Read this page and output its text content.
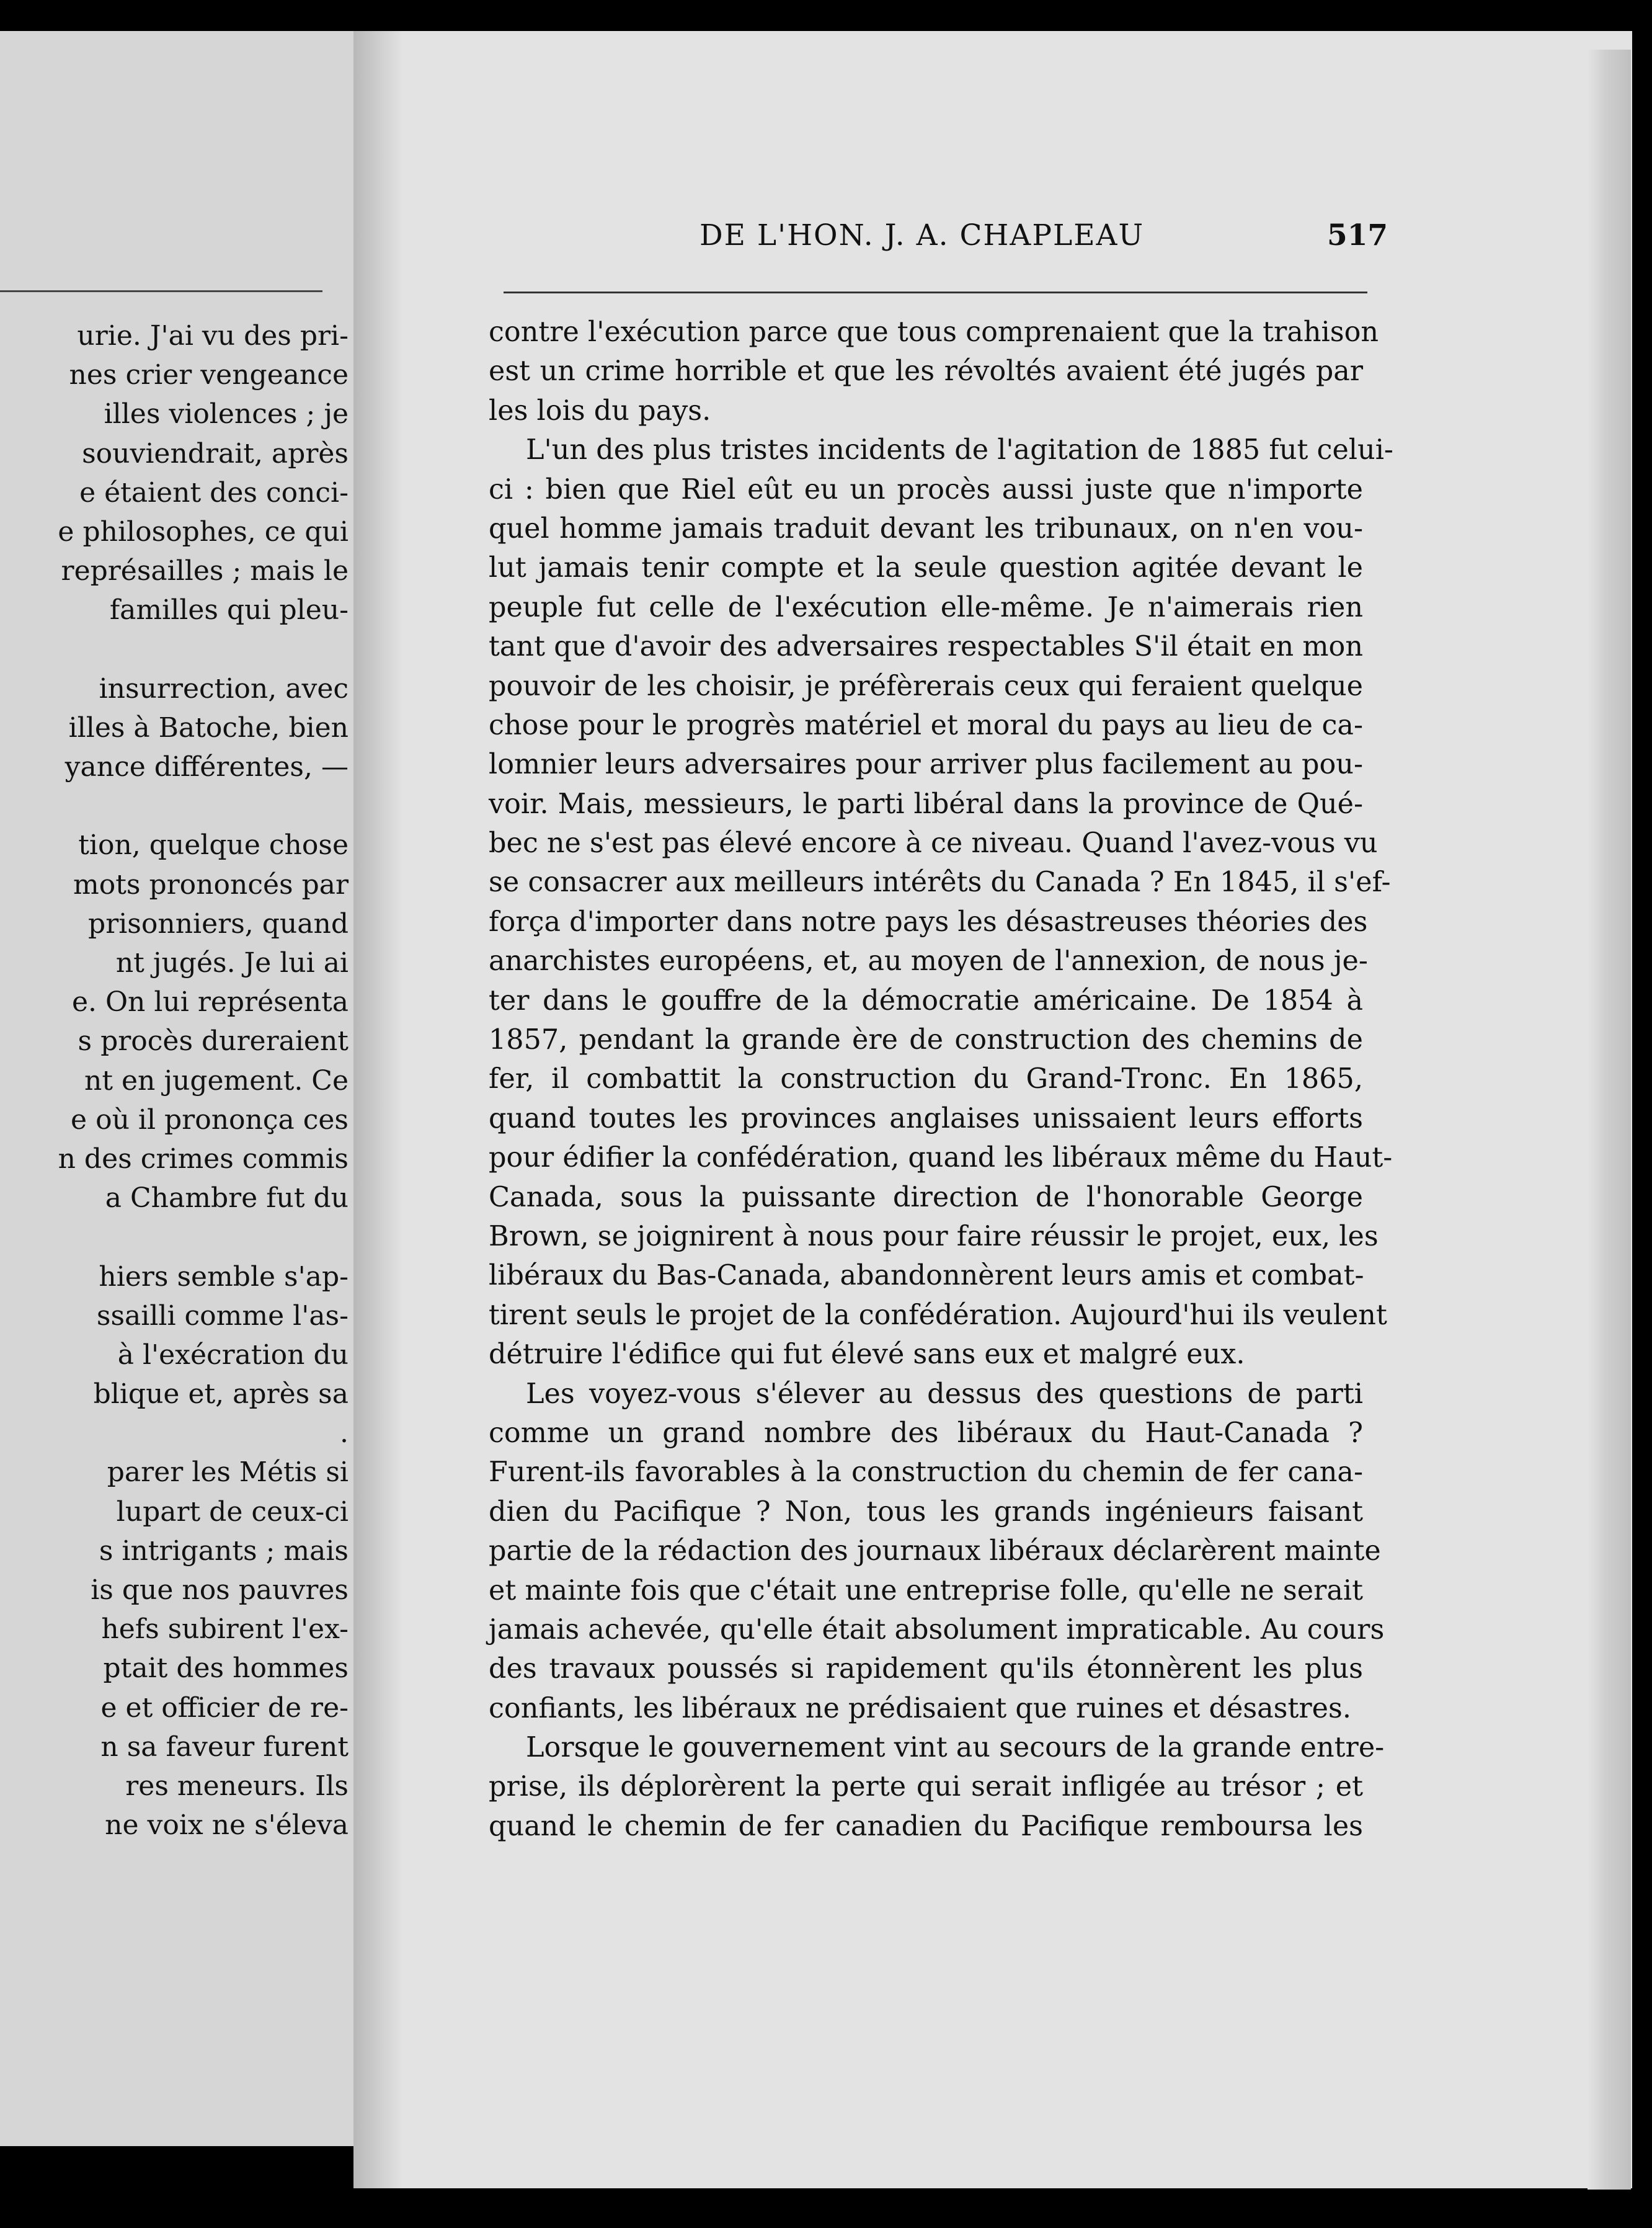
urie. J'ai vu des pri-
nes crier vengeance
illes violences ; je
souviendrait, après
e étaient des conci-
e philosophes, ce qui
représailles ; mais le
familles qui pleu-
insurrection, avec
illes à Batoche, bien
yance différentes, —
tion, quelque chose
mots prononcés par
prisonniers, quand
nt jugés. Je lui ai
e. On lui représenta
s procès dureraient
nt en jugement. Ce
e où il prononça ces
n des crimes commis
a Chambre fut du
hiers semble s'ap-
ssailli comme l'as-
à l'exécration du
blique et, après sa
.
parer les Métis si
lupart de ceux-ci
s intrigants ; mais
is que nos pauvres
hefs subirent l'ex-
ptait des hommes
e et officier de re-
n sa faveur furent
res meneurs. Ils
ne voix ne s'éleva
DE L'HON. J. A. CHAPLEAU	517
contre l'exécution parce que tous comprenaient que la trahison
est un crime horrible et que les révoltés avaient été jugés par
les lois du pays.
L'un des plus tristes incidents de l'agitation de 1885 fut celui-
ci : bien que Riel eût eu un procès aussi juste que n'importe
quel homme jamais traduit devant les tribunaux, on n'en vou-
lut jamais tenir compte et la seule question agitée devant le
peuple fut celle de l'exécution elle-même. Je n'aimerais rien
tant que d'avoir des adversaires respectables S'il était en mon
pouvoir de les choisir, je préfèrerais ceux qui feraient quelque
chose pour le progrès matériel et moral du pays au lieu de ca-
lomnier leurs adversaires pour arriver plus facilement au pou-
voir. Mais, messieurs, le parti libéral dans la province de Qué-
bec ne s'est pas élevé encore à ce niveau. Quand l'avez-vous vu
se consacrer aux meilleurs intérêts du Canada ? En 1845, il s'ef-
força d'importer dans notre pays les désastreuses théories des
anarchistes européens, et, au moyen de l'annexion, de nous je-
ter dans le gouffre de la démocratie américaine. De 1854 à
1857, pendant la grande ère de construction des chemins de
fer, il combattit la construction du Grand-Tronc. En 1865,
quand toutes les provinces anglaises unissaient leurs efforts
pour édifier la confédération, quand les libéraux même du Haut-
Canada, sous la puissante direction de l'honorable George
Brown, se joignirent à nous pour faire réussir le projet, eux, les
libéraux du Bas-Canada, abandonnèrent leurs amis et combat-
tirent seuls le projet de la confédération. Aujourd'hui ils veulent
détruire l'édifice qui fut élevé sans eux et malgré eux.
Les voyez-vous s'élever au dessus des questions de parti
comme un grand nombre des libéraux du Haut-Canada ?
Furent-ils favorables à la construction du chemin de fer cana-
dien du Pacifique ? Non, tous les grands ingénieurs faisant
partie de la rédaction des journaux libéraux déclarèrent mainte
et mainte fois que c'était une entreprise folle, qu'elle ne serait
jamais achevée, qu'elle était absolument impraticable. Au cours
des travaux poussés si rapidement qu'ils étonnèrent les plus
confiants, les libéraux ne prédisaient que ruines et désastres.
Lorsque le gouvernement vint au secours de la grande entre-
prise, ils déplorèrent la perte qui serait infligée au trésor ; et
quand le chemin de fer canadien du Pacifique remboursa les
